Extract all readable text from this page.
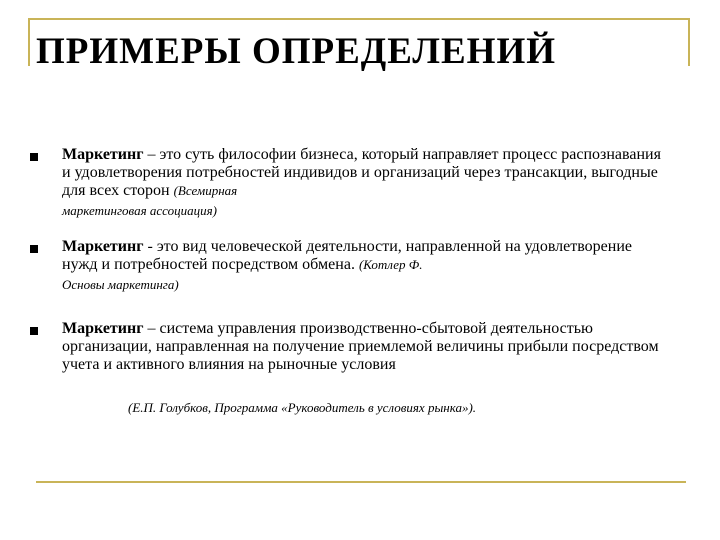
ПРИМЕРЫ ОПРЕДЕЛЕНИЙ
Маркетинг – это суть философии бизнеса, который направляет процесс распознавания и удовлетворения потребностей индивидов и организаций через трансакции, выгодные для всех сторон (Всемирная
маркетинговая ассоциация)
Маркетинг - это вид человеческой деятельности, направленной на удовлетворение нужд и потребностей посредством обмена. (Котлер Ф.
Основы маркетинга)
Маркетинг – система управления производственно-сбытовой деятельностью организации, направленная на получение приемлемой величины прибыли посредством учета и активного влияния на рыночные условия
(Е.П. Голубков, Программа «Руководитель в условиях рынка»).
